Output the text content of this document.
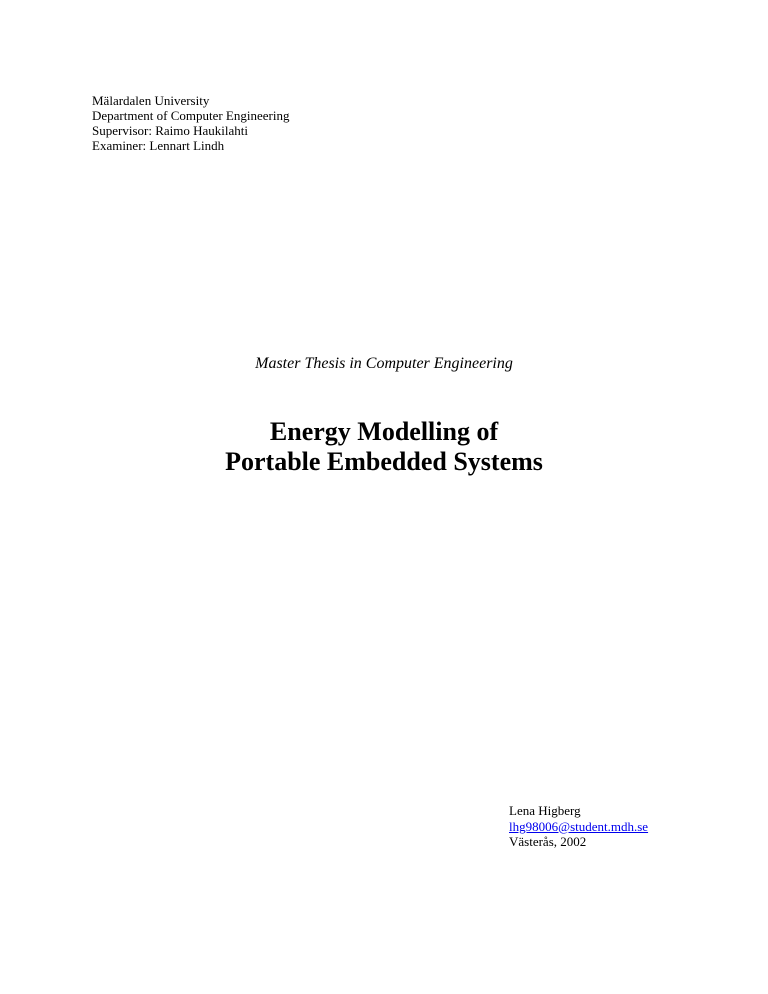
Mälardalen University
Department of Computer Engineering
Supervisor: Raimo Haukilahti
Examiner: Lennart Lindh
Master Thesis in Computer Engineering
Energy Modelling of
Portable Embedded Systems
Lena Higberg
lhg98006@student.mdh.se
Västerås, 2002
